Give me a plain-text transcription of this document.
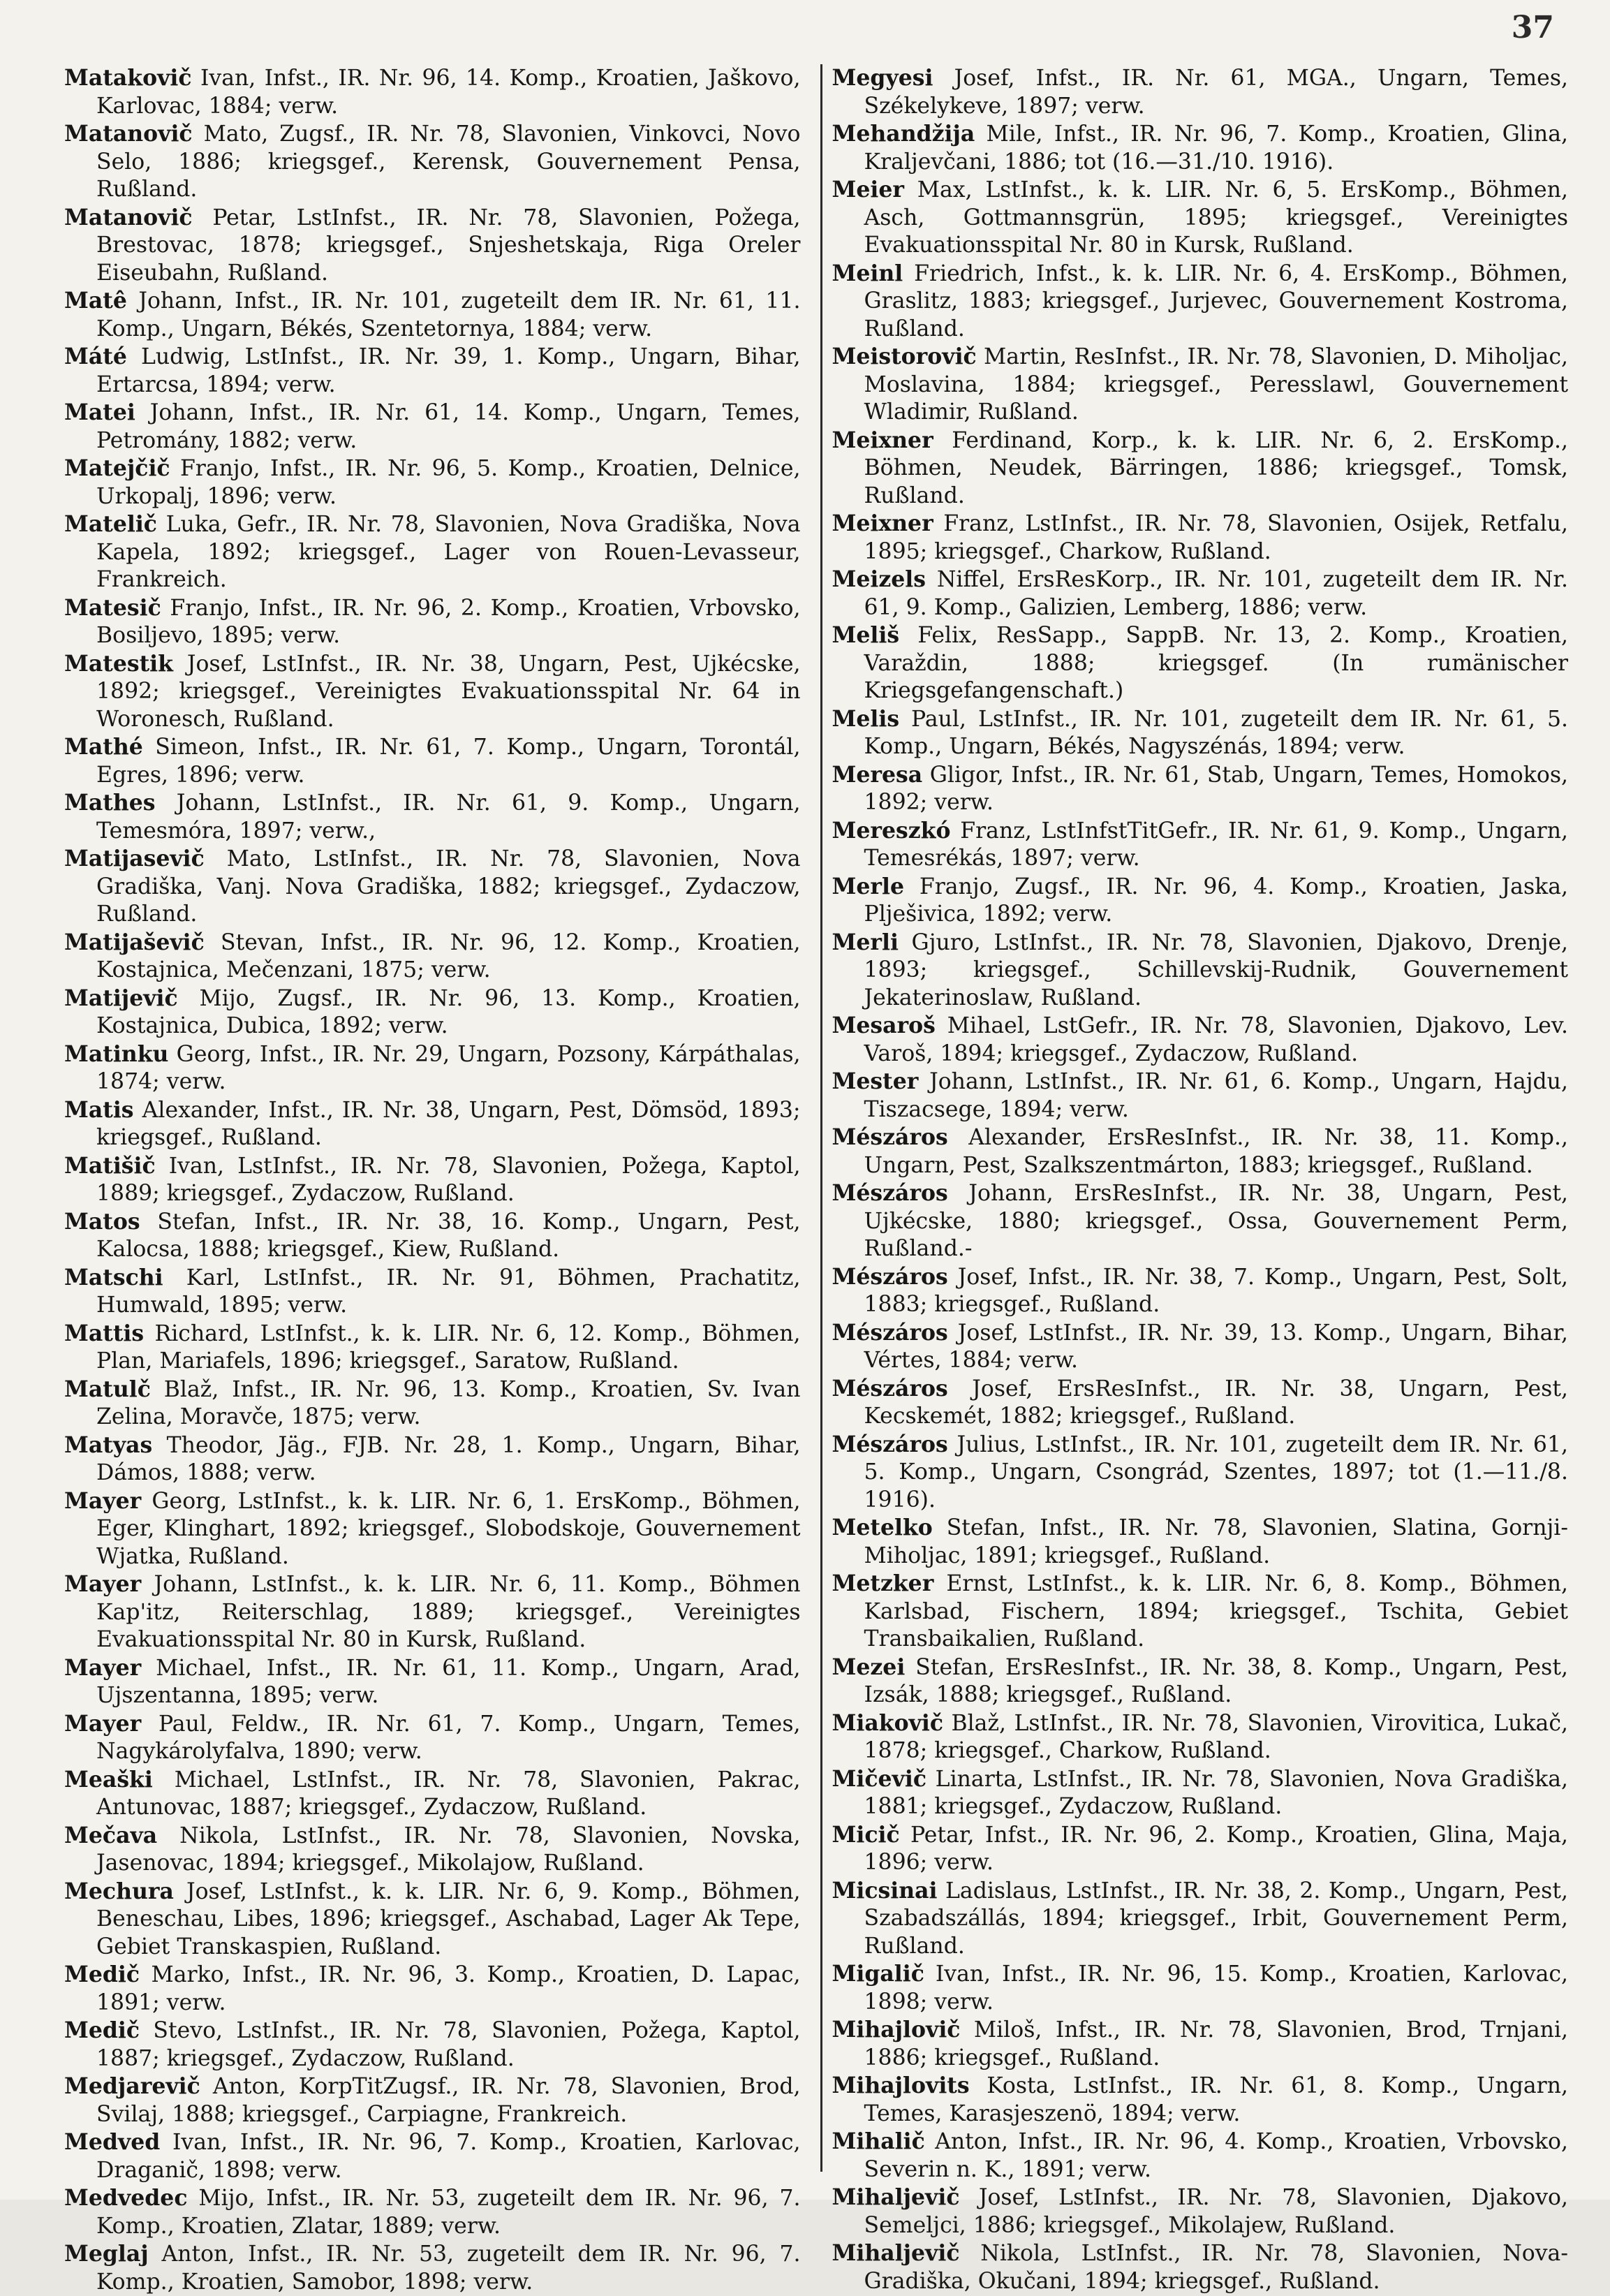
37

Matakovič Ivan, Infst., IR. Nr. 96, 14. Komp., Kroatien, Jaškovo, Karlovac, 1884; verw.

Matanovič Mato, Zugsf., IR. Nr. 78, Slavonien, Vinkovci, Novo Selo, 1886; kriegsgef., Kerensk, Gouvernement Pensa, Rußland.

Matanovič Petar, LstInfst., IR. Nr. 78, Slavonien, Požega, Brestovac, 1878; kriegsgef., Snjeshetskaja, Riga Oreler Eiseubahn, Rußland.

Matê Johann, Infst., IR. Nr. 101, zugeteilt dem IR. Nr. 61, 11. Komp., Ungarn, Békés, Szentetornya, 1884; verw.

Máté Ludwig, LstInfst., IR. Nr. 39, 1. Komp., Ungarn, Bihar, Ertarcsa, 1894; verw.

Matei Johann, Infst., IR. Nr. 61, 14. Komp., Ungarn, Temes, Petromány, 1882; verw.

Matejčič Franjo, Infst., IR. Nr. 96, 5. Komp., Kroatien, Delnice, Urkopalj, 1896; verw.

Matelič Luka, Gefr., IR. Nr. 78, Slavonien, Nova Gradiška, Nova Kapela, 1892; kriegsgef., Lager von Rouen-Levasseur, Frankreich.

Matesič Franjo, Infst., IR. Nr. 96, 2. Komp., Kroatien, Vrbovsko, Bosiljevo, 1895; verw.

Matestik Josef, LstInfst., IR. Nr. 38, Ungarn, Pest, Ujkécske, 1892; kriegsgef., Vereinigtes Evakuationsspital Nr. 64 in Woronesch, Rußland.

Mathé Simeon, Infst., IR. Nr. 61, 7. Komp., Ungarn, Torontál, Egres, 1896; verw.

Mathes Johann, LstInfst., IR. Nr. 61, 9. Komp., Ungarn, Temesmóra, 1897; verw.,

Matijasevič Mato, LstInfst., IR. Nr. 78, Slavonien, Nova Gradiška, Vanj. Nova Gradiška, 1882; kriegsgef., Zydaczow, Rußland.

Matijaševič Stevan, Infst., IR. Nr. 96, 12. Komp., Kroatien, Kostajnica, Mečenzani, 1875; verw.

Matijevič Mijo, Zugsf., IR. Nr. 96, 13. Komp., Kroatien, Kostajnica, Dubica, 1892; verw.

Matinku Georg, Infst., IR. Nr. 29, Ungarn, Pozsony, Kárpáthalas, 1874; verw.

Matis Alexander, Infst., IR. Nr. 38, Ungarn, Pest, Dömsöd, 1893; kriegsgef., Rußland.

Matišič Ivan, LstInfst., IR. Nr. 78, Slavonien, Požega, Kaptol, 1889; kriegsgef., Zydaczow, Rußland.

Matos Stefan, Infst., IR. Nr. 38, 16. Komp., Ungarn, Pest, Kalocsa, 1888; kriegsgef., Kiew, Rußland.

Matschi Karl, LstInfst., IR. Nr. 91, Böhmen, Prachatitz, Humwald, 1895; verw.

Mattis Richard, LstInfst., k. k. LIR. Nr. 6, 12. Komp., Böhmen, Plan, Mariafels, 1896; kriegsgef., Saratow, Rußland.

Matulč Blaž, Infst., IR. Nr. 96, 13. Komp., Kroatien, Sv. Ivan Zelina, Moravče, 1875; verw.

Matyas Theodor, Jäg., FJB. Nr. 28, 1. Komp., Ungarn, Bihar, Dámos, 1888; verw.

Mayer Georg, LstInfst., k. k. LIR. Nr. 6, 1. ErsKomp., Böhmen, Eger, Klinghart, 1892; kriegsgef., Slobodskoje, Gouvernement Wjatka, Rußland.

Mayer Johann, LstInfst., k. k. LIR. Nr. 6, 11. Komp., Böhmen Kap'itz, Reiterschlag, 1889; kriegsgef., Vereinigtes Evakuationsspital Nr. 80 in Kursk, Rußland.

Mayer Michael, Infst., IR. Nr. 61, 11. Komp., Ungarn, Arad, Ujszentanna, 1895; verw.

Mayer Paul, Feldw., IR. Nr. 61, 7. Komp., Ungarn, Temes, Nagykárolyfalva, 1890; verw.

Meaški Michael, LstInfst., IR. Nr. 78, Slavonien, Pakrac, Antunovac, 1887; kriegsgef., Zydaczow, Rußland.

Mečava Nikola, LstInfst., IR. Nr. 78, Slavonien, Novska, Jasenovac, 1894; kriegsgef., Mikolajow, Rußland.

Mechura Josef, LstInfst., k. k. LIR. Nr. 6, 9. Komp., Böhmen, Beneschau, Libes, 1896; kriegsgef., Aschabad, Lager Ak Tepe, Gebiet Transkaspien, Rußland.

Medič Marko, Infst., IR. Nr. 96, 3. Komp., Kroatien, D. Lapac, 1891; verw.

Medič Stevo, LstInfst., IR. Nr. 78, Slavonien, Požega, Kaptol, 1887; kriegsgef., Zydaczow, Rußland.

Medjarevič Anton, KorpTitZugsf., IR. Nr. 78, Slavonien, Brod, Svilaj, 1888; kriegsgef., Carpiagne, Frankreich.

Medved Ivan, Infst., IR. Nr. 96, 7. Komp., Kroatien, Karlovac, Draganič, 1898; verw.

Medvedec Mijo, Infst., IR. Nr. 53, zugeteilt dem IR. Nr. 96, 7. Komp., Kroatien, Zlatar, 1889; verw.

Meglaj Anton, Infst., IR. Nr. 53, zugeteilt dem IR. Nr. 96, 7. Komp., Kroatien, Samobor, 1898; verw.

Megyesi Josef, Infst., IR. Nr. 61, MGA., Ungarn, Temes, Székelykeve, 1897; verw.

Mehandžija Mile, Infst., IR. Nr. 96, 7. Komp., Kroatien, Glina, Kraljevčani, 1886; tot (16.—31./10. 1916).

Meier Max, LstInfst., k. k. LIR. Nr. 6, 5. ErsKomp., Böhmen, Asch, Gottmannsgrün, 1895; kriegsgef., Vereinigtes Evakuationsspital Nr. 80 in Kursk, Rußland.

Meinl Friedrich, Infst., k. k. LIR. Nr. 6, 4. ErsKomp., Böhmen, Graslitz, 1883; kriegsgef., Jurjevec, Gouvernement Kostroma, Rußland.

Meistorovič Martin, ResInfst., IR. Nr. 78, Slavonien, D. Miholjac, Moslavina, 1884; kriegsgef., Peresslawl, Gouvernement Wladimir, Rußland.

Meixner Ferdinand, Korp., k. k. LIR. Nr. 6, 2. ErsKomp., Böhmen, Neudek, Bärringen, 1886; kriegsgef., Tomsk, Rußland.

Meixner Franz, LstInfst., IR. Nr. 78, Slavonien, Osijek, Retfalu, 1895; kriegsgef., Charkow, Rußland.

Meizels Niffel, ErsResKorp., IR. Nr. 101, zugeteilt dem IR. Nr. 61, 9. Komp., Galizien, Lemberg, 1886; verw.

Meliš Felix, ResSapp., SappB. Nr. 13, 2. Komp., Kroatien, Varaždin, 1888; kriegsgef. (In rumänischer Kriegsgefangenschaft.)

Melis Paul, LstInfst., IR. Nr. 101, zugeteilt dem IR. Nr. 61, 5. Komp., Ungarn, Békés, Nagyszénás, 1894; verw.

Meresa Gligor, Infst., IR. Nr. 61, Stab, Ungarn, Temes, Homokos, 1892; verw.

Mereszkó Franz, LstInfstTitGefr., IR. Nr. 61, 9. Komp., Ungarn, Temesrékás, 1897; verw.

Merle Franjo, Zugsf., IR. Nr. 96, 4. Komp., Kroatien, Jaska, Plješivica, 1892; verw.

Merli Gjuro, LstInfst., IR. Nr. 78, Slavonien, Djakovo, Drenje, 1893; kriegsgef., Schillevskij-Rudnik, Gouvernement Jekaterinoslaw, Rußland.

Mesaroš Mihael, LstGefr., IR. Nr. 78, Slavonien, Djakovo, Lev. Varoš, 1894; kriegsgef., Zydaczow, Rußland.

Mester Johann, LstInfst., IR. Nr. 61, 6. Komp., Ungarn, Hajdu, Tiszacsege, 1894; verw.

Mészáros Alexander, ErsResInfst., IR. Nr. 38, 11. Komp., Ungarn, Pest, Szalkszentmárton, 1883; kriegsgef., Rußland.

Mészáros Johann, ErsResInfst., IR. Nr. 38, Ungarn, Pest, Ujkécske, 1880; kriegsgef., Ossa, Gouvernement Perm, Rußland.-

Mészáros Josef, Infst., IR. Nr. 38, 7. Komp., Ungarn, Pest, Solt, 1883; kriegsgef., Rußland.

Mészáros Josef, LstInfst., IR. Nr. 39, 13. Komp., Ungarn, Bihar, Vértes, 1884; verw.

Mészáros Josef, ErsResInfst., IR. Nr. 38, Ungarn, Pest, Kecskemét, 1882; kriegsgef., Rußland.

Mészáros Julius, LstInfst., IR. Nr. 101, zugeteilt dem IR. Nr. 61, 5. Komp., Ungarn, Csongrád, Szentes, 1897; tot (1.—11./8. 1916).

Metelko Stefan, Infst., IR. Nr. 78, Slavonien, Slatina, Gornji-Miholjac, 1891; kriegsgef., Rußland.

Metzker Ernst, LstInfst., k. k. LIR. Nr. 6, 8. Komp., Böhmen, Karlsbad, Fischern, 1894; kriegsgef., Tschita, Gebiet Transbaikalien, Rußland.

Mezei Stefan, ErsResInfst., IR. Nr. 38, 8. Komp., Ungarn, Pest, Izsák, 1888; kriegsgef., Rußland.

Miakovič Blaž, LstInfst., IR. Nr. 78, Slavonien, Virovitica, Lukač, 1878; kriegsgef., Charkow, Rußland.

Mičevič Linarta, LstInfst., IR. Nr. 78, Slavonien, Nova Gradiška, 1881; kriegsgef., Zydaczow, Rußland.

Micič Petar, Infst., IR. Nr. 96, 2. Komp., Kroatien, Glina, Maja, 1896; verw.

Micsinai Ladislaus, LstInfst., IR. Nr. 38, 2. Komp., Ungarn, Pest, Szabadszállás, 1894; kriegsgef., Irbit, Gouvernement Perm, Rußland.

Migalič Ivan, Infst., IR. Nr. 96, 15. Komp., Kroatien, Karlovac, 1898; verw.

Mihajlovič Miloš, Infst., IR. Nr. 78, Slavonien, Brod, Trnjani, 1886; kriegsgef., Rußland.

Mihajlovits Kosta, LstInfst., IR. Nr. 61, 8. Komp., Ungarn, Temes, Karasjeszenö, 1894; verw.

Mihalič Anton, Infst., IR. Nr. 96, 4. Komp., Kroatien, Vrbovsko, Severin n. K., 1891; verw.

Mihaljevič Josef, LstInfst., IR. Nr. 78, Slavonien, Djakovo, Semeljci, 1886; kriegsgef., Mikolajew, Rußland.

Mihaljevič Nikola, LstInfst., IR. Nr. 78, Slavonien, Nova-Gradiška, Okučani, 1894; kriegsgef., Rußland.
